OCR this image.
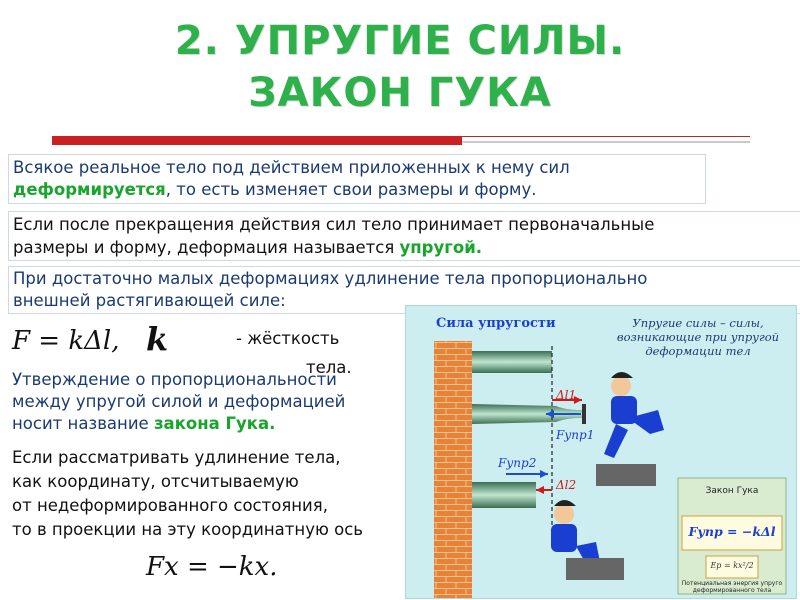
2. УПРУГИЕ СИЛЫ.
ЗАКОН ГУКА
Всякое реальное тело под действием приложенных к нему сил
деформируется, то есть изменяет свои размеры и форму.
Если после прекращения действия сил тело принимает первоначальные
размеры и форму, деформация называется упругой.
При достаточно малых деформациях удлинение тела пропорционально
внешней растягивающей силе:
F = kΔl, k	- жёсткость
тела.
Утверждение о пропорциональности
между упругой силой и деформацией
носит название закона Гука.
Если рассматривать удлинение тела,
как координату, отсчитываемую
от недеформированного состояния,
то в проекции на эту координатную ось
Fx = −kx.
Сила упругости	Упругие силы – силы, возникающие при упругой деформации тел
Δl1
Fупр1
Fупр2
Δl2	Закон Гука
Fупр = −kΔl
Eр = kx²/2
Потенциальная энергия упруго деформированного тела
